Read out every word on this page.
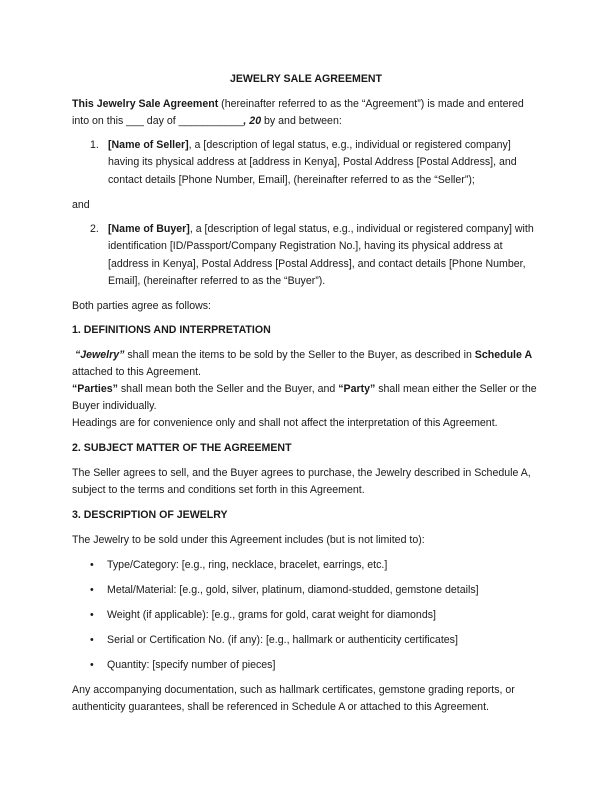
JEWELRY SALE AGREEMENT

This Jewelry Sale Agreement (hereinafter referred to as the “Agreement”) is made and entered into on this ___ day of ___________, 20 by and between:

1. [Name of Seller], a [description of legal status, e.g., individual or registered company] having its physical address at [address in Kenya], Postal Address [Postal Address], and contact details [Phone Number, Email], (hereinafter referred to as the “Seller”);

and

2. [Name of Buyer], a [description of legal status, e.g., individual or registered company] with identification [ID/Passport/Company Registration No.], having its physical address at [address in Kenya], Postal Address [Postal Address], and contact details [Phone Number, Email], (hereinafter referred to as the “Buyer”).

Both parties agree as follows:

1. DEFINITIONS AND INTERPRETATION

“Jewelry” shall mean the items to be sold by the Seller to the Buyer, as described in Schedule A attached to this Agreement.

“Parties” shall mean both the Seller and the Buyer, and “Party” shall mean either the Seller or the Buyer individually.

Headings are for convenience only and shall not affect the interpretation of this Agreement.

2. SUBJECT MATTER OF THE AGREEMENT

The Seller agrees to sell, and the Buyer agrees to purchase, the Jewelry described in Schedule A, subject to the terms and conditions set forth in this Agreement.

3. DESCRIPTION OF JEWELRY

The Jewelry to be sold under this Agreement includes (but is not limited to):

• Type/Category: [e.g., ring, necklace, bracelet, earrings, etc.]
• Metal/Material: [e.g., gold, silver, platinum, diamond-studded, gemstone details]
• Weight (if applicable): [e.g., grams for gold, carat weight for diamonds]
• Serial or Certification No. (if any): [e.g., hallmark or authenticity certificates]
• Quantity: [specify number of pieces]

Any accompanying documentation, such as hallmark certificates, gemstone grading reports, or authenticity guarantees, shall be referenced in Schedule A or attached to this Agreement.
